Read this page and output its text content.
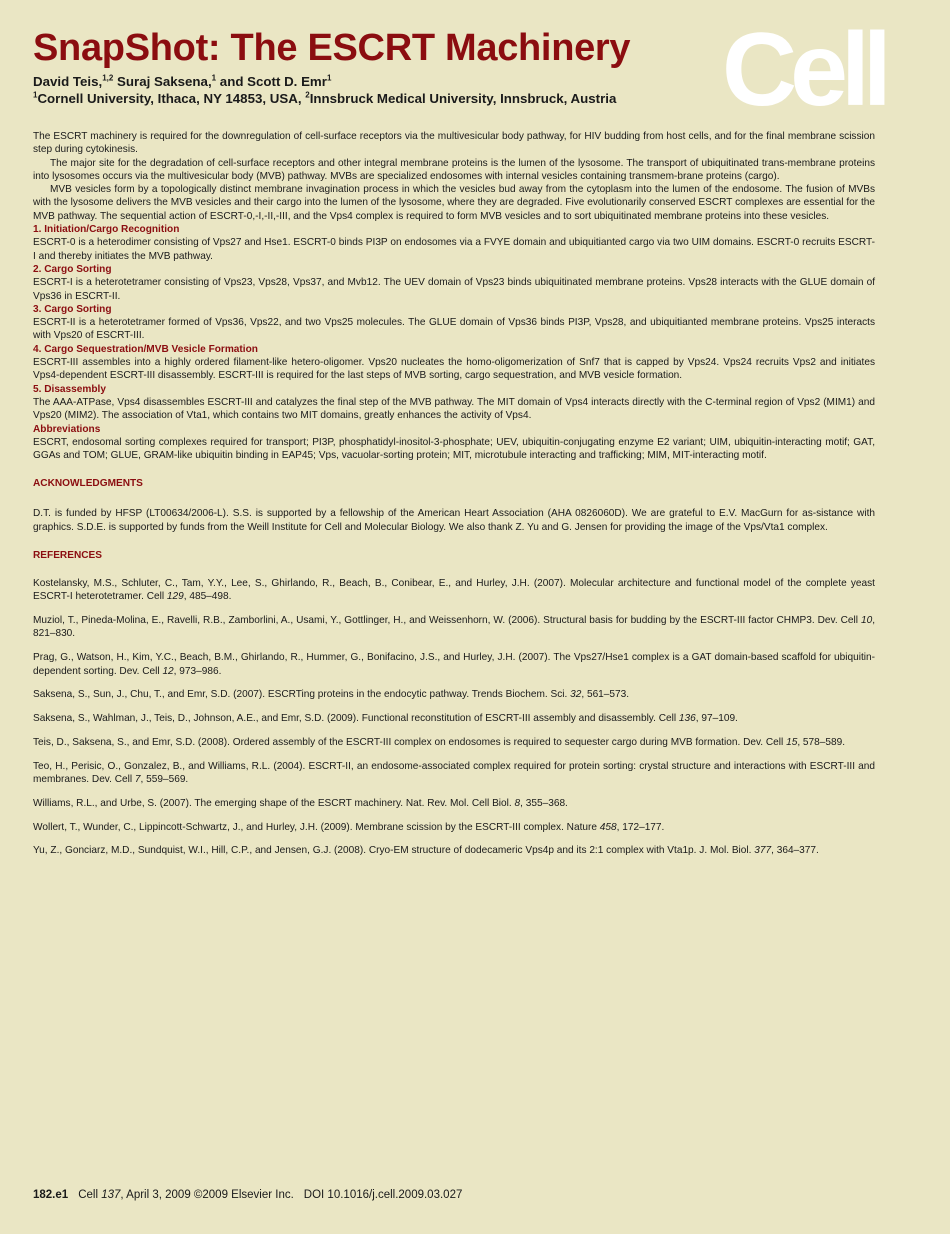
Cell
SnapShot: The ESCRT Machinery
David Teis,$^{1,2}$ Suraj Saksena,$^1$ and Scott D. Emr$^1$
$^1$Cornell University, Ithaca, NY 14853, USA, $^2$Innsbruck Medical University, Innsbruck, Austria

The ESCRT machinery is required for the downregulation of cell-surface receptors via the multivesicular body pathway, for HIV budding from host cells, and for the final membrane scission step during cytokinesis.

The major site for the degradation of cell-surface receptors and other integral membrane proteins is the lumen of the lysosome. The transport of ubiquitinated trans-membrane proteins into lysosomes occurs via the multivesicular body (MVB) pathway. MVBs are specialized endosomes with internal vesicles containing transmem-brane proteins (cargo).

MVB vesicles form by a topologically distinct membrane invagination process in which the vesicles bud away from the cytoplasm into the lumen of the endosome. The fusion of MVBs with the lysosome delivers the MVB vesicles and their cargo into the lumen of the lysosome, where they are degraded. Five evolutionarily conserved ESCRT complexes are essential for the MVB pathway. The sequential action of ESCRT-0,-I,-II,-III, and the Vps4 complex is required to form MVB vesicles and to sort ubiquitinated membrane proteins into these vesicles.

1. Initiation/Cargo Recognition

ESCRT-0 is a heterodimer consisting of Vps27 and Hse1. ESCRT-0 binds PI3P on endosomes via a FVYE domain and ubiquitianted cargo via two UIM domains. ESCRT-0 recruits ESCRT-I and thereby initiates the MVB pathway.

2. Cargo Sorting

ESCRT-I is a heterotetramer consisting of Vps23, Vps28, Vps37, and Mvb12. The UEV domain of Vps23 binds ubiquitinated membrane proteins. Vps28 interacts with the GLUE domain of Vps36 in ESCRT-II.

3. Cargo Sorting

ESCRT-II is a heterotetramer formed of Vps36, Vps22, and two Vps25 molecules. The GLUE domain of Vps36 binds PI3P, Vps28, and ubiquitianted membrane proteins. Vps25 interacts with Vps20 of ESCRT-III.

4. Cargo Sequestration/MVB Vesicle Formation

ESCRT-III assembles into a highly ordered filament-like hetero-oligomer. Vps20 nucleates the homo-oligomerization of Snf7 that is capped by Vps24. Vps24 recruits Vps2 and initiates Vps4-dependent ESCRT-III disassembly. ESCRT-III is required for the last steps of MVB sorting, cargo sequestration, and MVB vesicle formation.

5. Disassembly

The AAA-ATPase, Vps4 disassembles ESCRT-III and catalyzes the final step of the MVB pathway. The MIT domain of Vps4 interacts directly with the C-terminal region of Vps2 (MIM1) and Vps20 (MIM2). The association of Vta1, which contains two MIT domains, greatly enhances the activity of Vps4.

Abbreviations

ESCRT, endosomal sorting complexes required for transport; PI3P, phosphatidyl-inositol-3-phosphate; UEV, ubiquitin-conjugating enzyme E2 variant; UIM, ubiquitin-interacting motif; GAT, GGAs and TOM; GLUE, GRAM-like ubiquitin binding in EAP45; Vps, vacuolar-sorting protein; MIT, microtubule interacting and trafficking; MIM, MIT-interacting motif.

ACKNOWLEDGMENTS

D.T. is funded by HFSP (LT00634/2006-L). S.S. is supported by a fellowship of the American Heart Association (AHA 0826060D). We are grateful to E.V. MacGurn for as-sistance with graphics. S.D.E. is supported by funds from the Weill Institute for Cell and Molecular Biology. We also thank Z. Yu and G. Jensen for providing the image of the Vps/Vta1 complex.

REFERENCES

Kostelansky, M.S., Schluter, C., Tam, Y.Y., Lee, S., Ghirlando, R., Beach, B., Conibear, E., and Hurley, J.H. (2007). Molecular architecture and functional model of the complete yeast ESCRT-I heterotetramer. Cell 129, 485–498.

Muziol, T., Pineda-Molina, E., Ravelli, R.B., Zamborlini, A., Usami, Y., Gottlinger, H., and Weissenhorn, W. (2006). Structural basis for budding by the ESCRT-III factor CHMP3. Dev. Cell 10, 821–830.

Prag, G., Watson, H., Kim, Y.C., Beach, B.M., Ghirlando, R., Hummer, G., Bonifacino, J.S., and Hurley, J.H. (2007). The Vps27/Hse1 complex is a GAT domain-based scaffold for ubiquitin-dependent sorting. Dev. Cell 12, 973–986.

Saksena, S., Sun, J., Chu, T., and Emr, S.D. (2007). ESCRTing proteins in the endocytic pathway. Trends Biochem. Sci. 32, 561–573.

Saksena, S., Wahlman, J., Teis, D., Johnson, A.E., and Emr, S.D. (2009). Functional reconstitution of ESCRT-III assembly and disassembly. Cell 136, 97–109.

Teis, D., Saksena, S., and Emr, S.D. (2008). Ordered assembly of the ESCRT-III complex on endosomes is required to sequester cargo during MVB formation. Dev. Cell 15, 578–589.

Teo, H., Perisic, O., Gonzalez, B., and Williams, R.L. (2004). ESCRT-II, an endosome-associated complex required for protein sorting: crystal structure and interactions with ESCRT-III and membranes. Dev. Cell 7, 559–569.

Williams, R.L., and Urbe, S. (2007). The emerging shape of the ESCRT machinery. Nat. Rev. Mol. Cell Biol. 8, 355–368.

Wollert, T., Wunder, C., Lippincott-Schwartz, J., and Hurley, J.H. (2009). Membrane scission by the ESCRT-III complex. Nature 458, 172–177.

Yu, Z., Gonciarz, M.D., Sundquist, W.I., Hill, C.P., and Jensen, G.J. (2008). Cryo-EM structure of dodecameric Vps4p and its 2:1 complex with Vta1p. J. Mol. Biol. 377, 364–377.

182.e1 Cell 137, April 3, 2009 ©2009 Elsevier Inc. DOI 10.1016/j.cell.2009.03.027
